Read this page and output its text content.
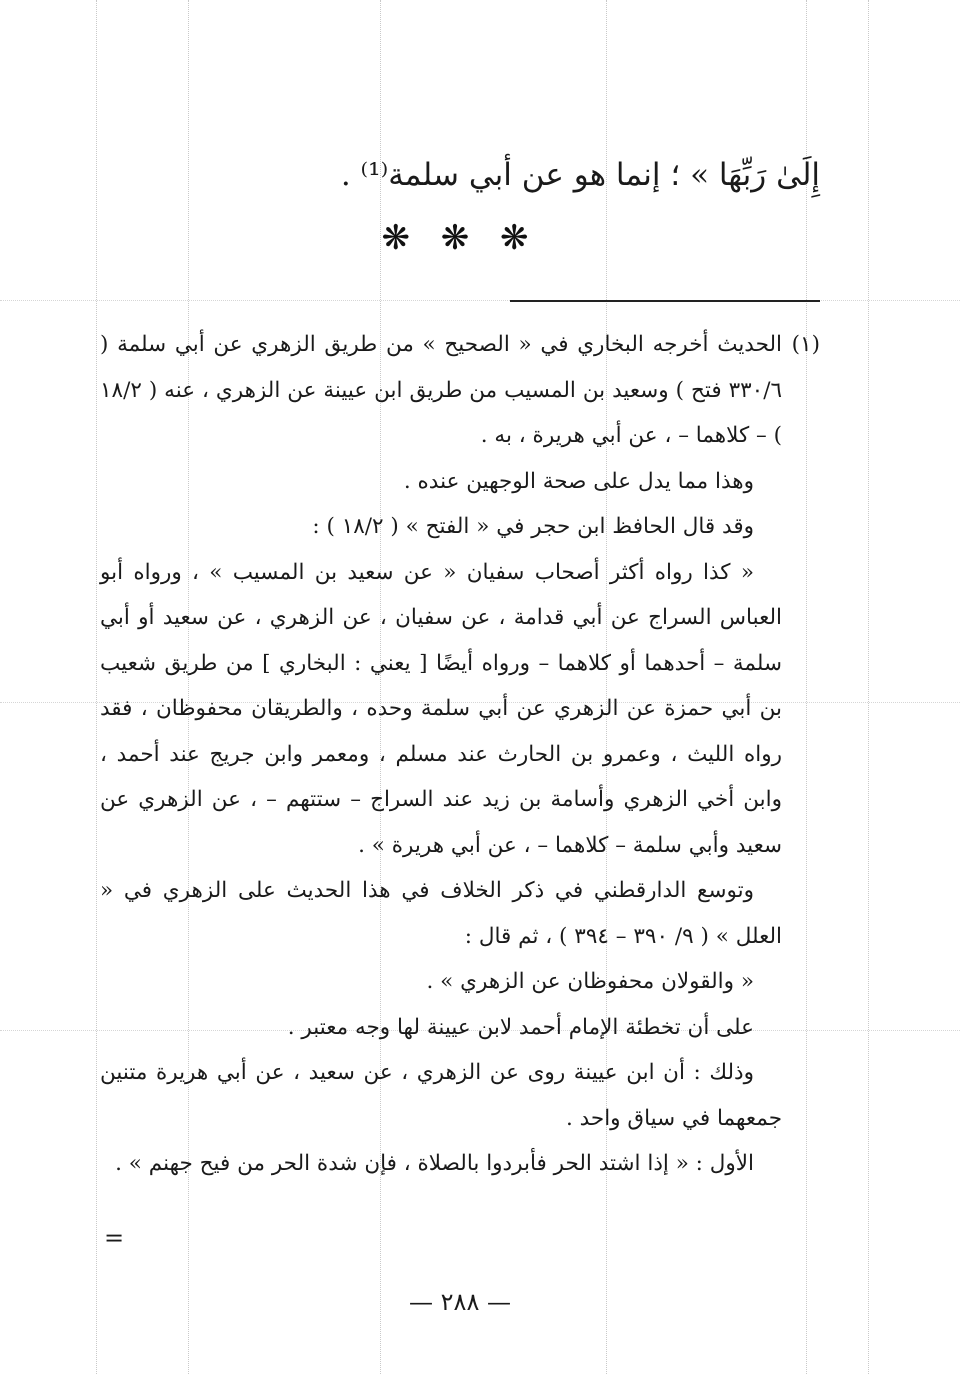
إِلَىٰ رَبِّهَا » ؛ إنما هو عن أبي سلمة⁽¹⁾ .
❋ ❋ ❋

(١)الحديث أخرجه البخاري في « الصحيح » من طريق الزهري عن أبي سلمة ( ٣٣٠/٦ فتح ) وسعيد بن المسيب من طريق ابن عيينة عن الزهري ، عنه ( ١٨/٢ ) – كلاهما – ، عن أبي هريرة ، به .

وهذا مما يدل على صحة الوجهين عنده .

وقد قال الحافظ ابن حجر في « الفتح » ( ١٨/٢ ) :

« كذا رواه أكثر أصحاب سفيان « عن سعيد بن المسيب » ، ورواه أبو العباس السراج عن أبي قدامة ، عن سفيان ، عن الزهري ، عن سعيد أو أبي سلمة – أحدهما أو كلاهما – ورواه أيضًا [ يعني : البخاري ] من طريق شعيب بن أبي حمزة عن الزهري عن أبي سلمة وحده ، والطريقان محفوظان ، فقد رواه الليث ، وعمرو بن الحارث عند مسلم ، ومعمر وابن جريج عند أحمد ، وابن أخي الزهري وأسامة بن زيد عند السراج – ستتهم – ، عن الزهري عن سعيد وأبي سلمة – كلاهما – ، عن أبي هريرة » .

وتوسع الدارقطني في ذكر الخلاف في هذا الحديث على الزهري في « العلل » ( ٩/ ٣٩٠ – ٣٩٤ ) ، ثم قال :

« والقولان محفوظان عن الزهري » .

على أن تخطئة الإمام أحمد لابن عيينة لها وجه معتبر .

وذلك : أن ابن عيينة روى عن الزهري ، عن سعيد ، عن أبي هريرة متنين جمعهما في سياق واحد .

الأول : « إذا اشتد الحر فأبردوا بالصلاة ، فإن شدة الحر من فيح جهنم » .

=
— ٢٨٨ —
